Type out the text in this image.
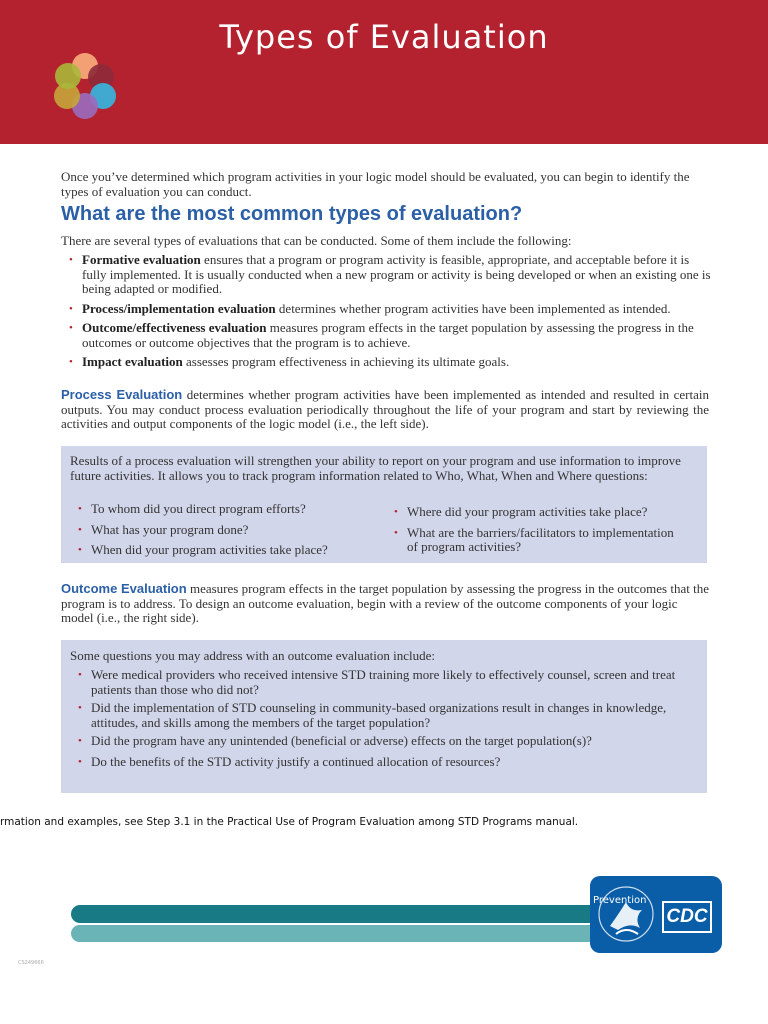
Types of Evaluation
Once you’ve determined which program activities in your logic model should be evaluated, you can begin to identify the types of evaluation you can conduct.
What are the most common types of evaluation?
There are several types of evaluations that can be conducted. Some of them include the following:
• Formative evaluation ensures that a program or program activity is feasible, appropriate, and acceptable before it is fully implemented. It is usually conducted when a new program or activity is being developed or when an existing one is being adapted or modified.
• Process/implementation evaluation determines whether program activities have been implemented as intended.
• Outcome/effectiveness evaluation measures program effects in the target population by assessing the progress in the outcomes or outcome objectives that the program is to achieve.
• Impact evaluation assesses program effectiveness in achieving its ultimate goals.
Process Evaluation determines whether program activities have been implemented as intended and resulted in certain outputs. You may conduct process evaluation periodically throughout the life of your program and start by reviewing the activities and output components of the logic model (i.e., the left side).
Results of a process evaluation will strengthen your ability to report on your program and use information to improve future activities. It allows you to track program information related to Who, What, When and Where questions:
• To whom did you direct program efforts?
• What has your program done?
• When did your program activities take place?
• Where did your program activities take place?
• What are the barriers/facilitators to implementation of program activities?
Outcome Evaluation measures program effects in the target population by assessing the progress in the outcomes that the program is to address. To design an outcome evaluation, begin with a review of the outcome components of your logic model (i.e., the right side).
Some questions you may address with an outcome evaluation include:
• Were medical providers who received intensive STD training more likely to effectively counsel, screen and treat patients than those who did not?
• Did the implementation of STD counseling in community-based organizations result in changes in knowledge, attitudes, and skills among the members of the target population?
• Did the program have any unintended (beneficial or adverse) effects on the target population(s)?
• Do the benefits of the STD activity justify a continued allocation of resources?
rmation and examples, see Step 3.1 in the Practical Use of Program Evaluation among STD Programs manual.
Prevention
CDC
CS249666
